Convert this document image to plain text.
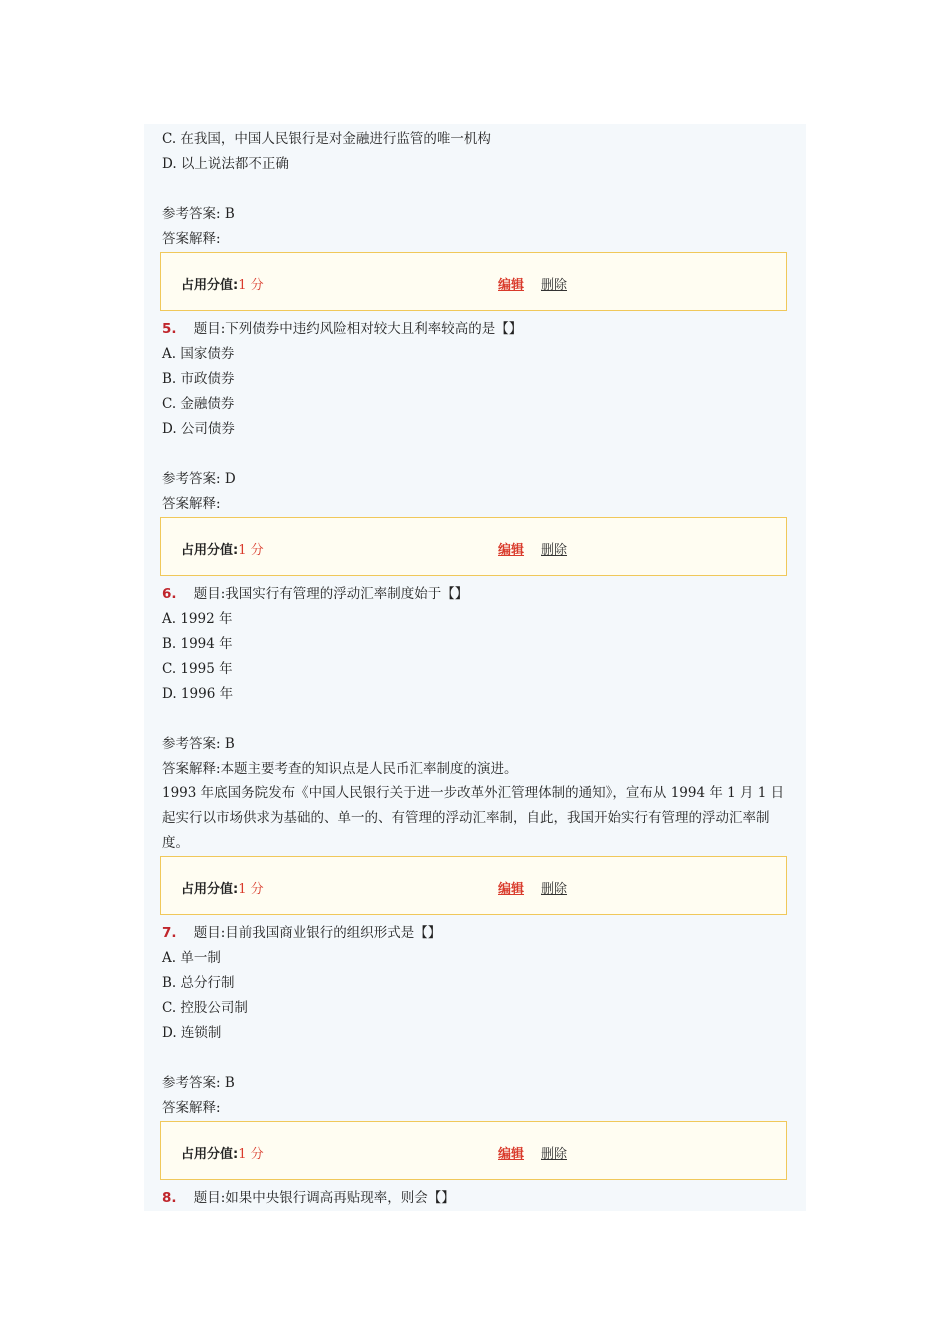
C. 在我国，中国人民银行是对金融进行监管的唯一机构
D. 以上说法都不正确
参考答案: B
答案解释:
占用分值:1 分	编辑 删除
5. 题目:下列债券中违约风险相对较大且利率较高的是【】
A. 国家债券
B. 市政债券
C. 金融债券
D. 公司债券
参考答案: D
答案解释:
占用分值:1 分	编辑 删除
6. 题目:我国实行有管理的浮动汇率制度始于【】
A. 1992 年
B. 1994 年
C. 1995 年
D. 1996 年
参考答案: B
答案解释:本题主要考查的知识点是人民币汇率制度的演进。
1993 年底国务院发布《中国人民银行关于进一步改革外汇管理体制的通知》，宣布从 1994 年 1 月 1 日
起实行以市场供求为基础的、单一的、有管理的浮动汇率制，自此，我国开始实行有管理的浮动汇率制
度。
占用分值:1 分	编辑 删除
7. 题目:目前我国商业银行的组织形式是【】
A. 单一制
B. 总分行制
C. 控股公司制
D. 连锁制
参考答案: B
答案解释:
占用分值:1 分	编辑 删除
8. 题目:如果中央银行调高再贴现率，则会【】
